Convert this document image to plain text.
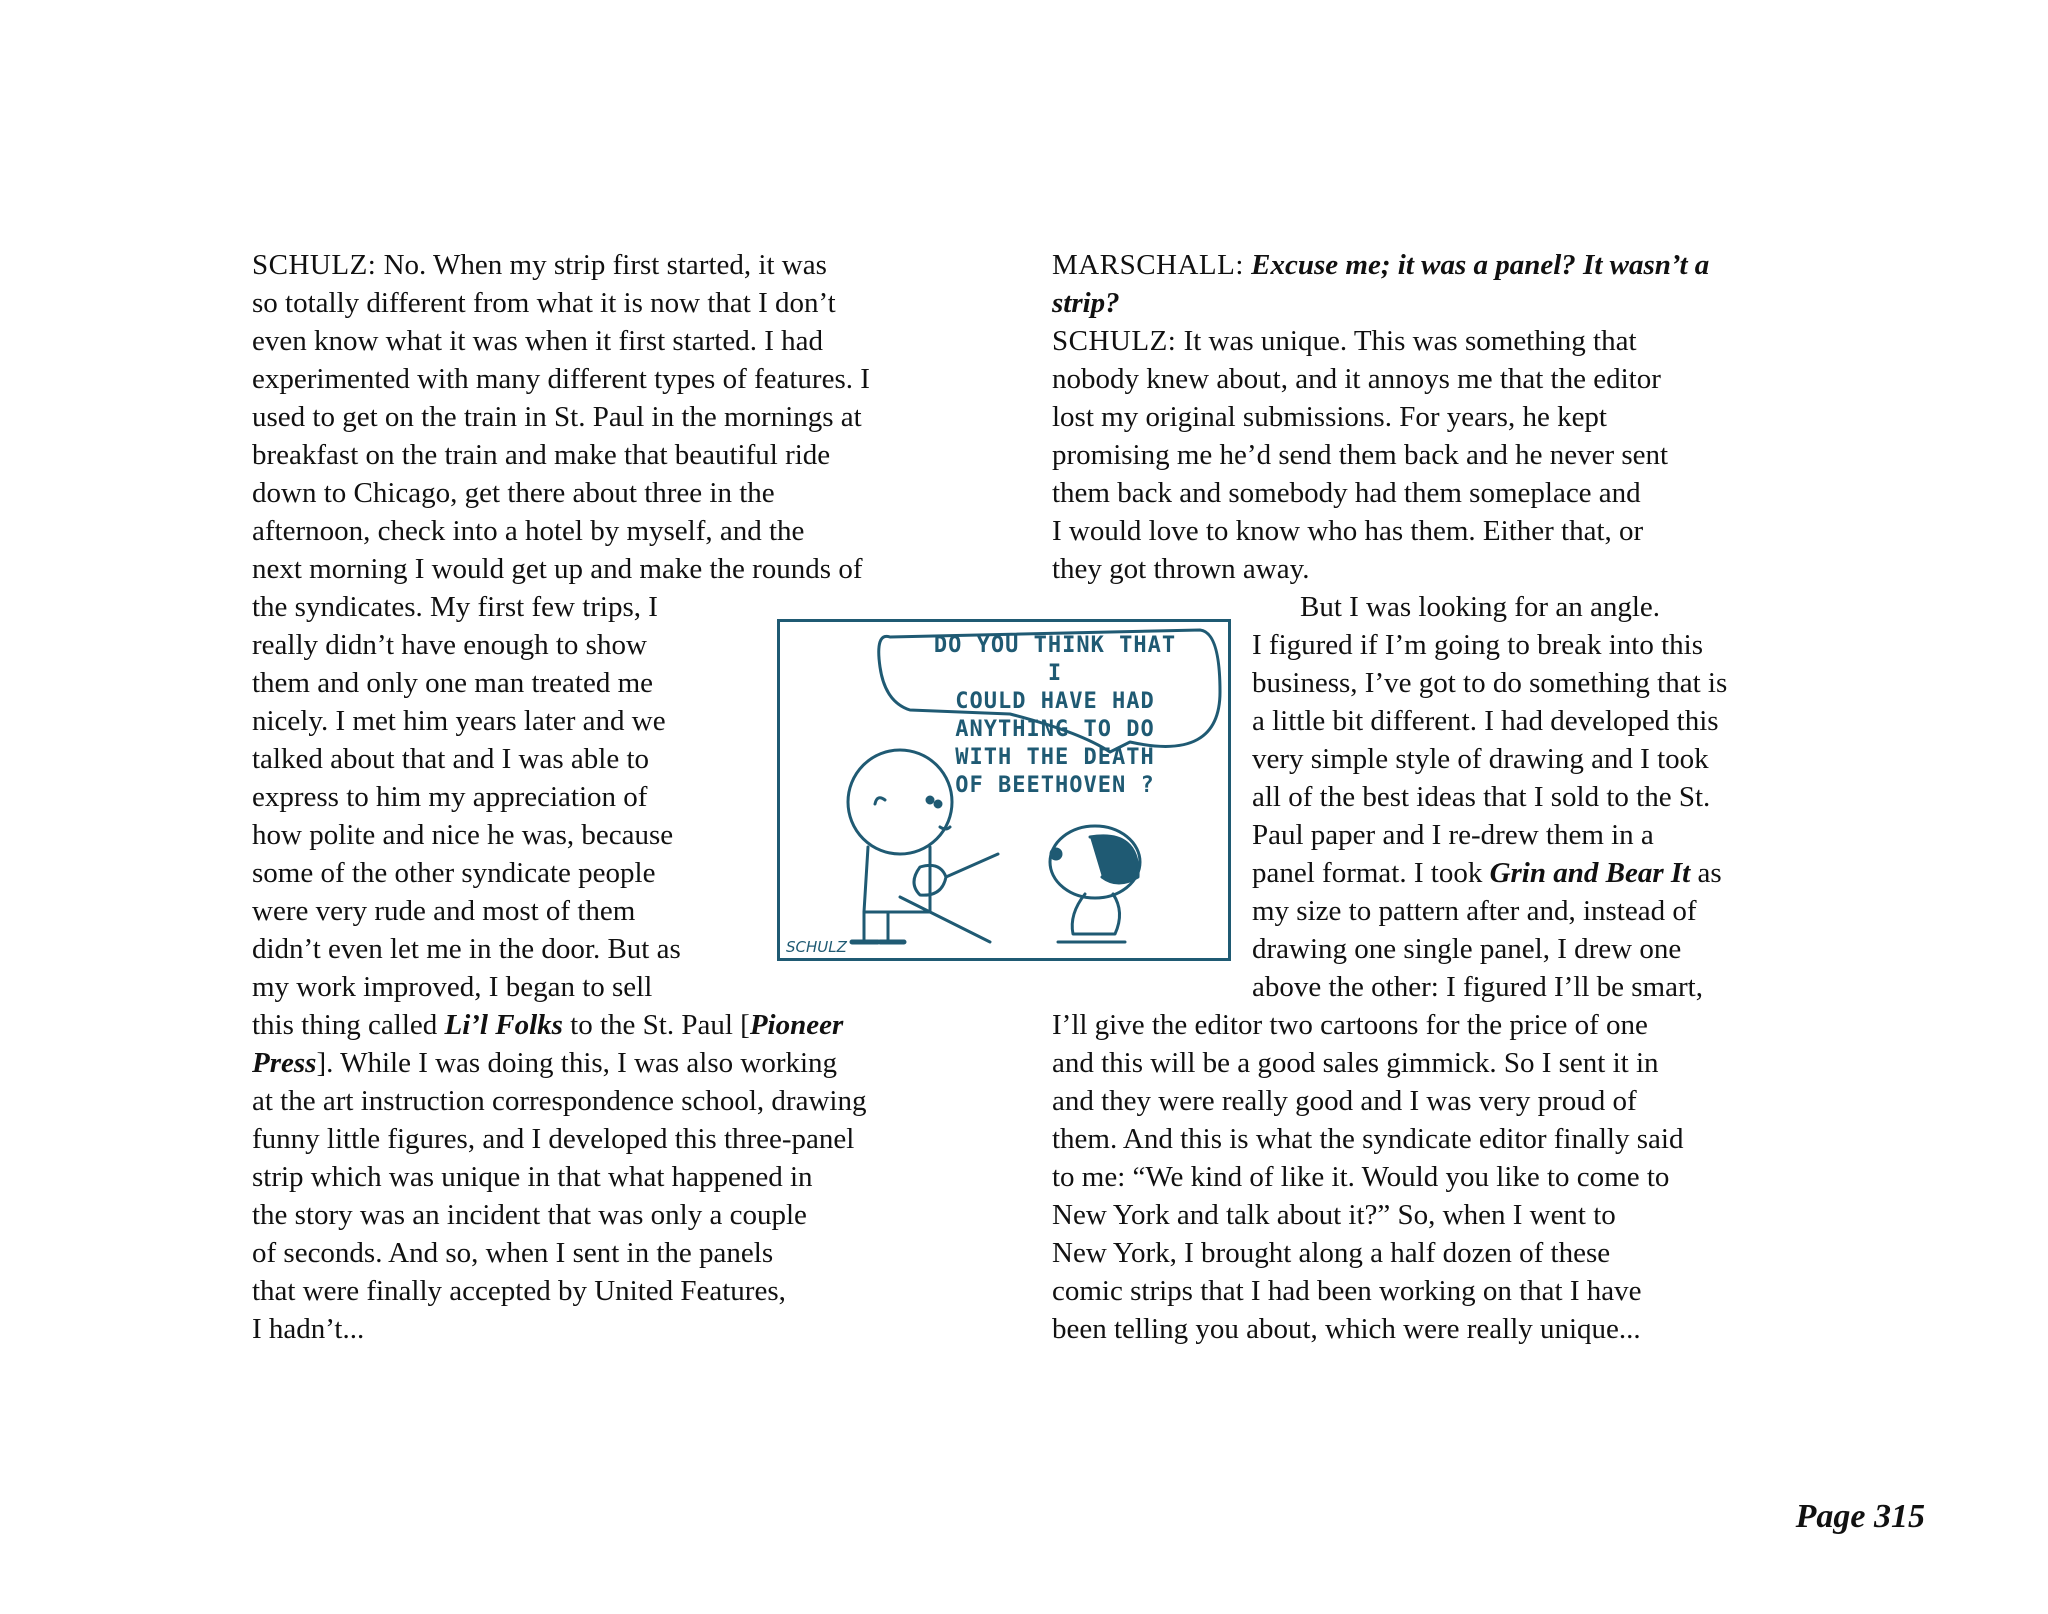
SCHULZ: No. When my strip first started, it was
so totally different from what it is now that I don’t
even know what it was when it first started. I had
experimented with many different types of features. I
used to get on the train in St. Paul in the mornings at
breakfast on the train and make that beautiful ride
down to Chicago, get there about three in the
afternoon, check into a hotel by myself, and the
next morning I would get up and make the rounds of
the syndicates. My first few trips, I
really didn’t have enough to show
them and only one man treated me
nicely. I met him years later and we
talked about that and I was able to
express to him my appreciation of
how polite and nice he was, because
some of the other syndicate people
were very rude and most of them
didn’t even let me in the door. But as
my work improved, I began to sell
this thing called Li’l Folks to the St. Paul [Pioneer
Press]. While I was doing this, I was also working
at the art instruction correspondence school, drawing
funny little figures, and I developed this three-panel
strip which was unique in that what happened in
the story was an incident that was only a couple
of seconds. And so, when I sent in the panels
that were finally accepted by United Features,
I hadn’t...
MARSCHALL: Excuse me; it was a panel? It wasn’t a
strip?
SCHULZ: It was unique. This was something that
nobody knew about, and it annoys me that the editor
lost my original submissions. For years, he kept
promising me he’d send them back and he never sent
them back and somebody had them someplace and
I would love to know who has them. Either that, or
they got thrown away.
But I was looking for an angle.
I figured if I’m going to break into this
business, I’ve got to do something that is
a little bit different. I had developed this
very simple style of drawing and I took
all of the best ideas that I sold to the St.
Paul paper and I re-drew them in a
panel format. I took Grin and Bear It as
my size to pattern after and, instead of
drawing one single panel, I drew one
above the other: I figured I’ll be smart,
I’ll give the editor two cartoons for the price of one
and this will be a good sales gimmick. So I sent it in
and they were really good and I was very proud of
them. And this is what the syndicate editor finally said
to me: “We kind of like it. Would you like to come to
New York and talk about it?” So, when I went to
New York, I brought along a half dozen of these
comic strips that I had been working on that I have
been telling you about, which were really unique...
DO YOU THINK THAT I
COULD HAVE HAD
ANYTHING TO DO
WITH THE DEATH
OF BEETHOVEN ?
SCHULZ
Page 315
